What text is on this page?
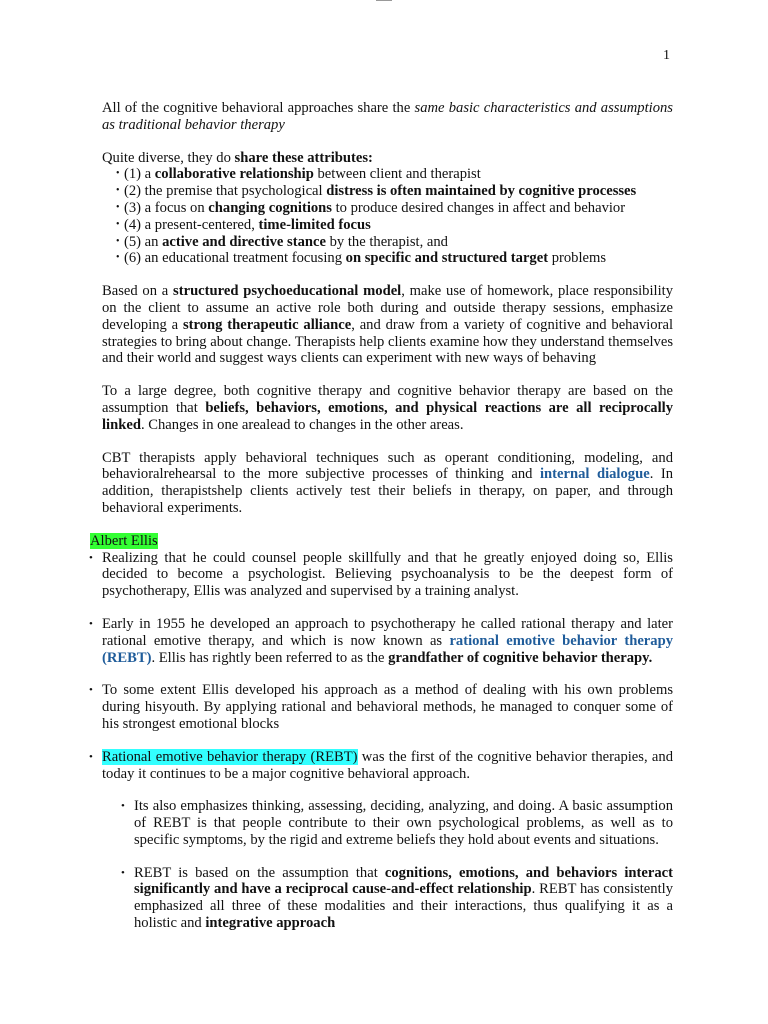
1

All of the cognitive behavioral approaches share the same basic characteristics and assumptions as traditional behavior therapy

Quite diverse, they do share these attributes:

• (1) a collaborative relationship between client and therapist
• (2) the premise that psychological distress is often maintained by cognitive processes
• (3) a focus on changing cognitions to produce desired changes in affect and behavior
• (4) a present-centered, time-limited focus
• (5) an active and directive stance by the therapist, and
• (6) an educational treatment focusing on specific and structured target problems

Based on a structured psychoeducational model, make use of homework, place responsibility on the client to assume an active role both during and outside therapy sessions, emphasize developing a strong therapeutic alliance, and draw from a variety of cognitive and behavioral strategies to bring about change. Therapists help clients examine how they understand themselves and their world and suggest ways clients can experiment with new ways of behaving

To a large degree, both cognitive therapy and cognitive behavior therapy are based on the assumption that beliefs, behaviors, emotions, and physical reactions are all reciprocally linked. Changes in one arealead to changes in the other areas.

CBT therapists apply behavioral techniques such as operant conditioning, modeling, and behavioralrehearsal to the more subjective processes of thinking and internal dialogue. In addition, therapistshelp clients actively test their beliefs in therapy, on paper, and through behavioral experiments.

Albert Ellis

• Realizing that he could counsel people skillfully and that he greatly enjoyed doing so, Ellis decided to become a psychologist. Believing psychoanalysis to be the deepest form of psychotherapy, Ellis was analyzed and supervised by a training analyst.

• Early in 1955 he developed an approach to psychotherapy he called rational therapy and later rational emotive therapy, and which is now known as rational emotive behavior therapy (REBT). Ellis has rightly been referred to as the grandfather of cognitive behavior therapy.

• To some extent Ellis developed his approach as a method of dealing with his own problems during hisyouth. By applying rational and behavioral methods, he managed to conquer some of his strongest emotional blocks

• Rational emotive behavior therapy (REBT) was the first of the cognitive behavior therapies, and today it continues to be a major cognitive behavioral approach.

• Its also emphasizes thinking, assessing, deciding, analyzing, and doing. A basic assumption of REBT is that people contribute to their own psychological problems, as well as to specific symptoms, by the rigid and extreme beliefs they hold about events and situations.

• REBT is based on the assumption that cognitions, emotions, and behaviors interact significantly and have a reciprocal cause-and-effect relationship. REBT has consistently emphasized all three of these modalities and their interactions, thus qualifying it as a holistic and integrative approach
